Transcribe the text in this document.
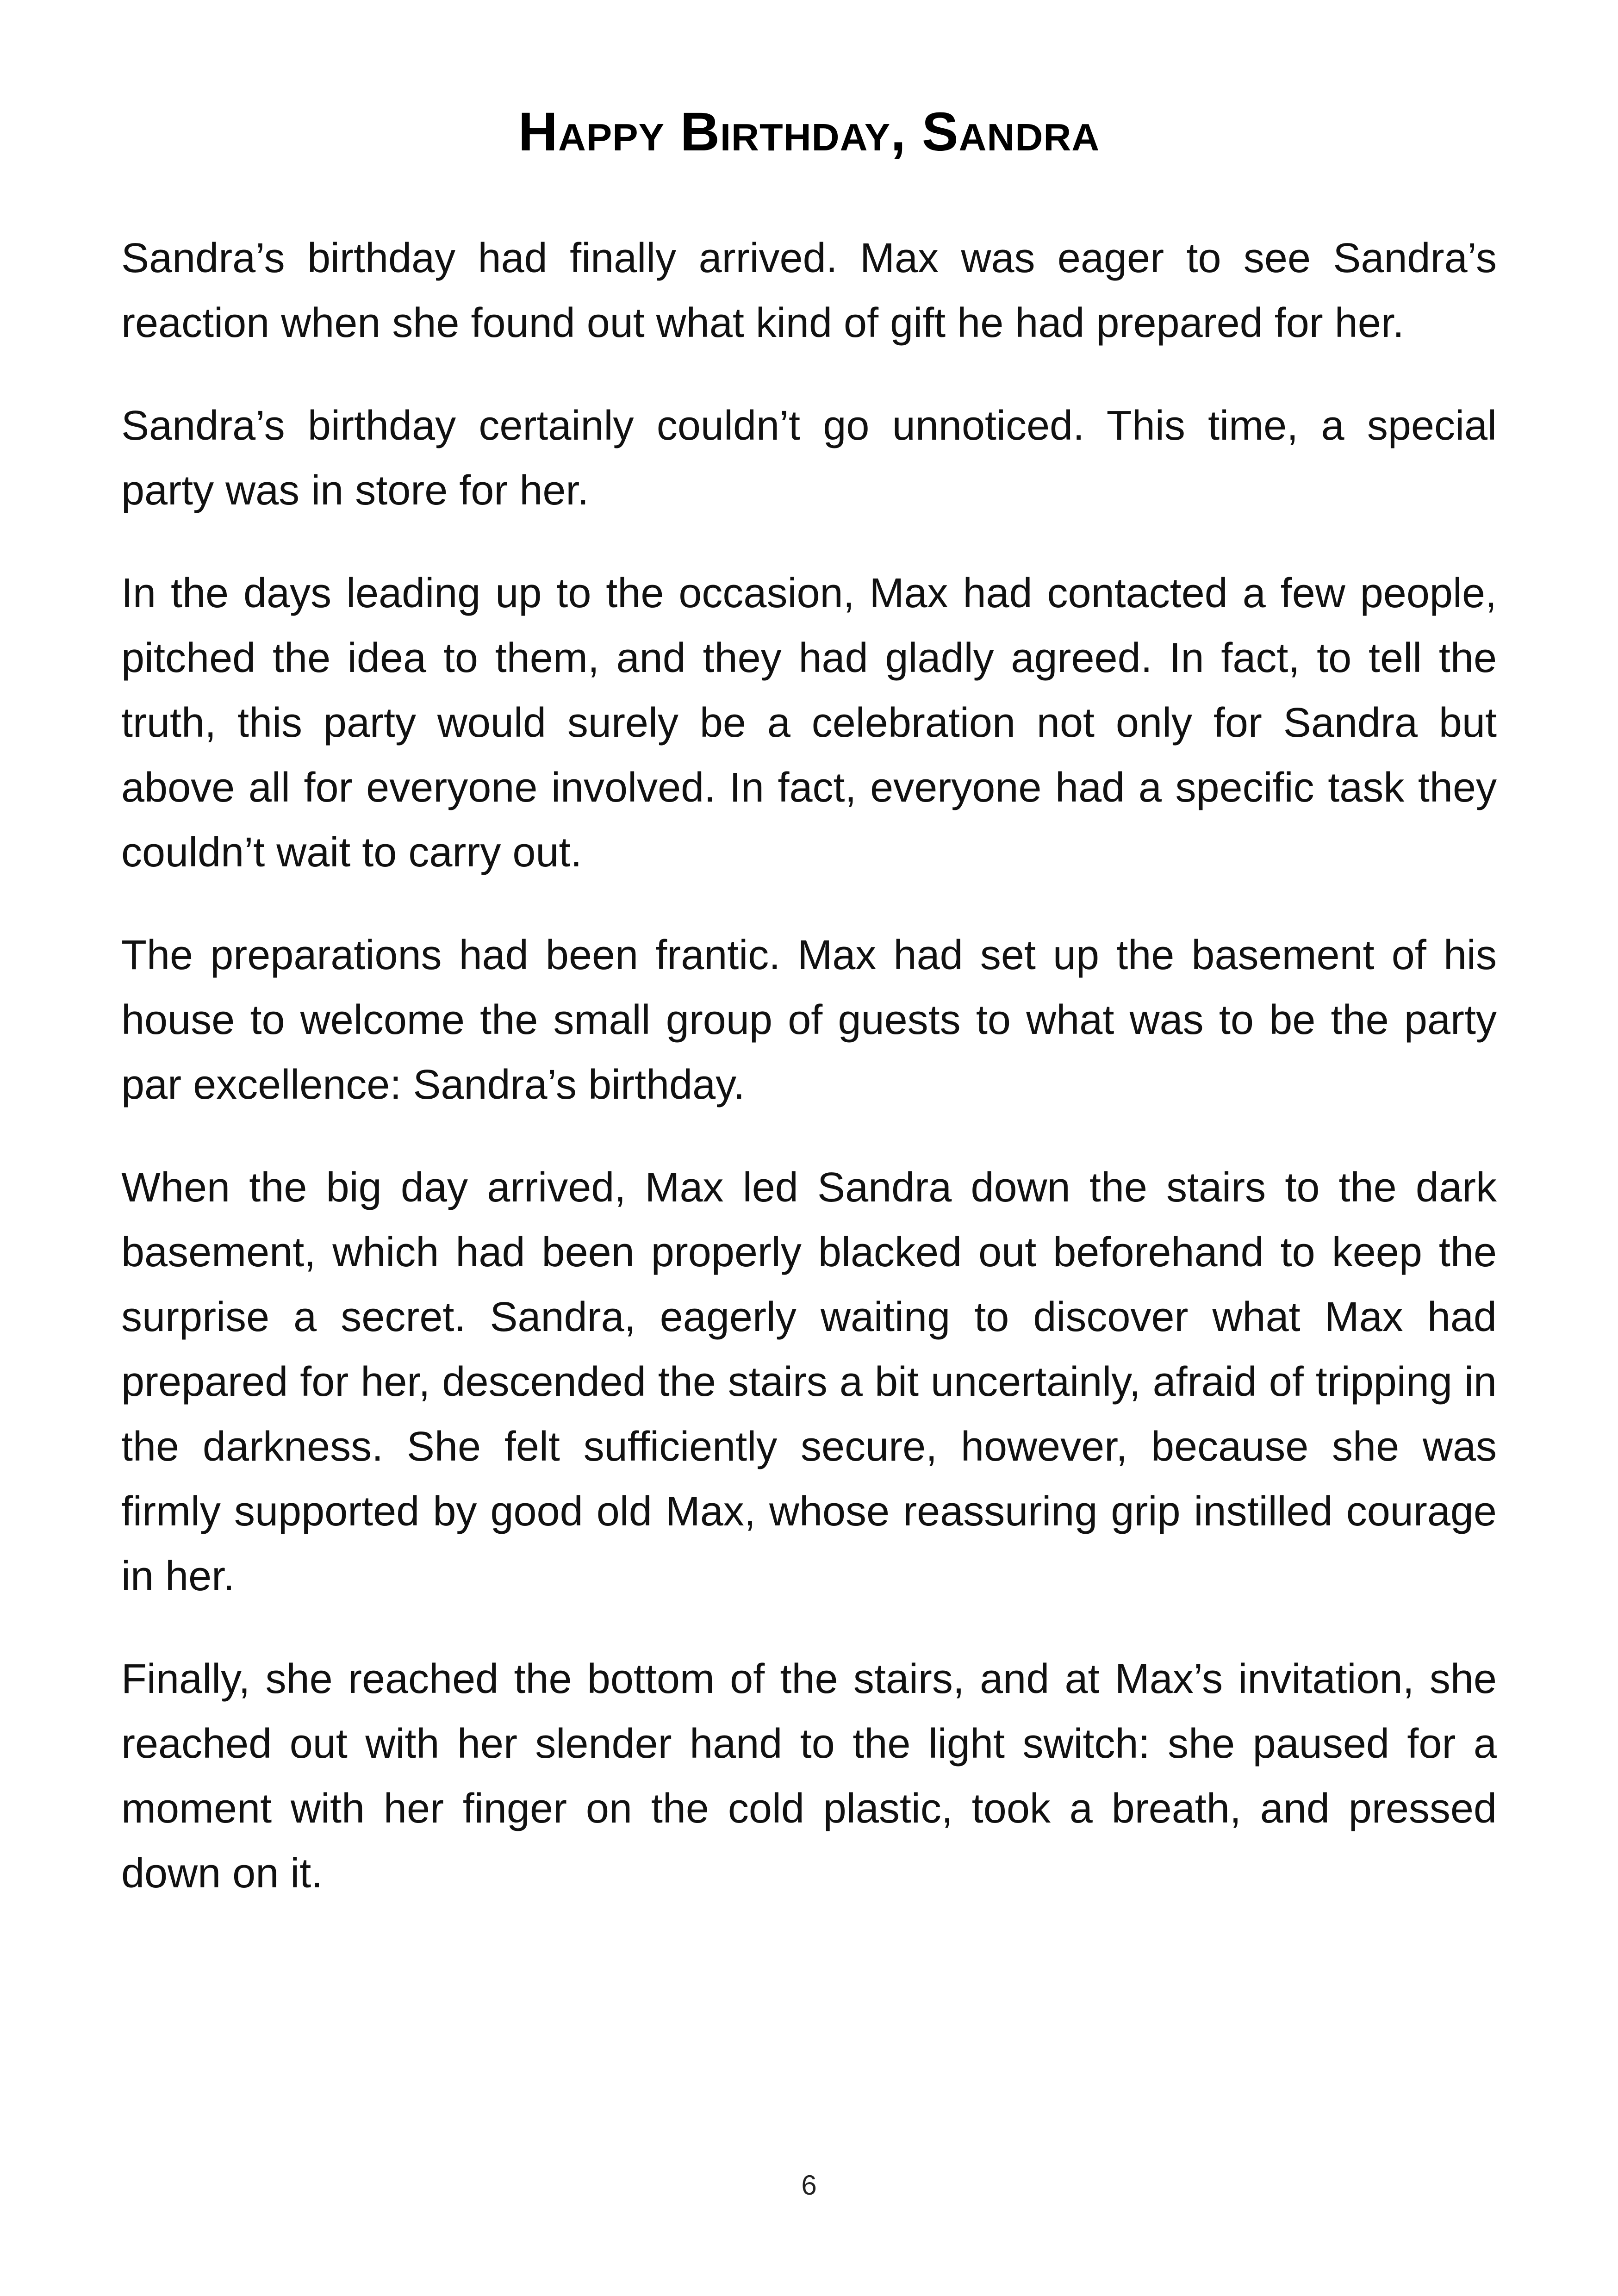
Happy Birthday, Sandra

Sandra’s birthday had finally arrived. Max was eager to see Sandra’s reaction when she found out what kind of gift he had prepared for her.

Sandra’s birthday certainly couldn’t go unnoticed. This time, a special party was in store for her.

In the days leading up to the occasion, Max had contacted a few people, pitched the idea to them, and they had gladly agreed. In fact, to tell the truth, this party would surely be a celebration not only for Sandra but above all for everyone involved. In fact, everyone had a specific task they couldn’t wait to carry out.

The preparations had been frantic. Max had set up the basement of his house to welcome the small group of guests to what was to be the party par excellence: Sandra’s birthday.

When the big day arrived, Max led Sandra down the stairs to the dark basement, which had been properly blacked out beforehand to keep the surprise a secret. Sandra, eagerly waiting to discover what Max had prepared for her, descended the stairs a bit uncertainly, afraid of tripping in the darkness. She felt sufficiently secure, however, because she was firmly supported by good old Max, whose reassuring grip instilled courage in her.

Finally, she reached the bottom of the stairs, and at Max’s invitation, she reached out with her slender hand to the light switch: she paused for a moment with her finger on the cold plastic, took a breath, and pressed down on it.

6
